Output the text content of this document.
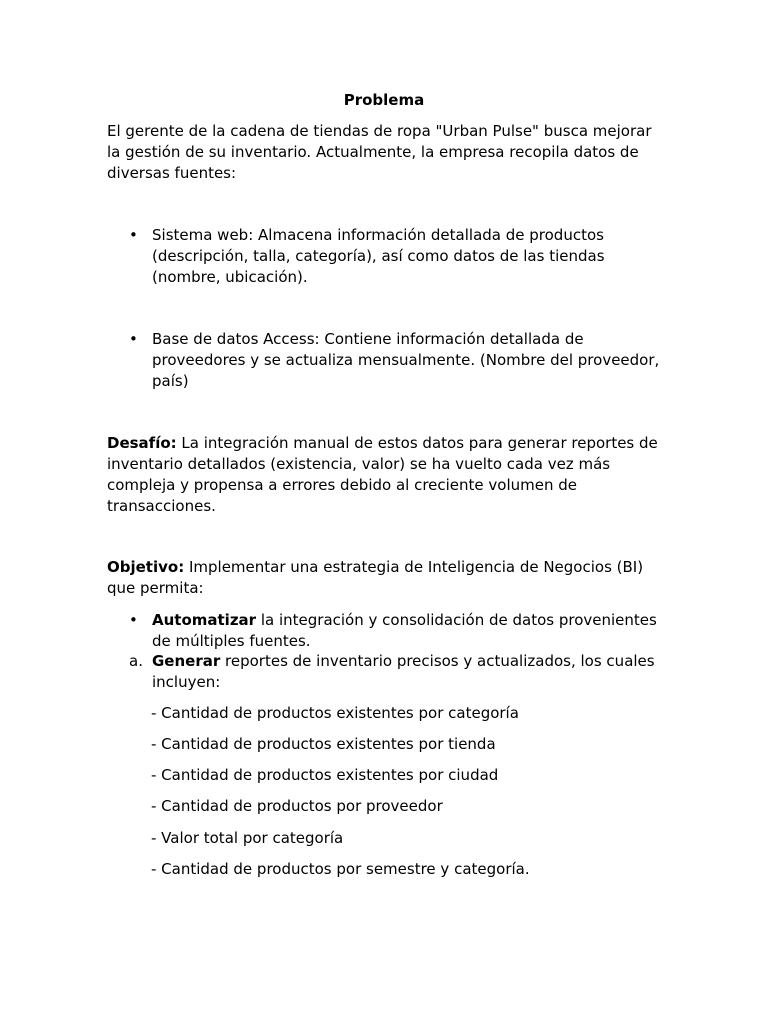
Problema
El gerente de la cadena de tiendas de ropa "Urban Pulse" busca mejorar la gestión de su inventario. Actualmente, la empresa recopila datos de diversas fuentes:
• Sistema web: Almacena información detallada de productos (descripción, talla, categoría), así como datos de las tiendas (nombre, ubicación).
• Base de datos Access: Contiene información detallada de proveedores y se actualiza mensualmente. (Nombre del proveedor, país)
Desafío: La integración manual de estos datos para generar reportes de inventario detallados (existencia, valor) se ha vuelto cada vez más compleja y propensa a errores debido al creciente volumen de transacciones.
Objetivo: Implementar una estrategia de Inteligencia de Negocios (BI) que permita:
• Automatizar la integración y consolidación de datos provenientes de múltiples fuentes.
a. Generar reportes de inventario precisos y actualizados, los cuales incluyen:
- Cantidad de productos existentes por categoría
- Cantidad de productos existentes por tienda
- Cantidad de productos existentes por ciudad
- Cantidad de productos por proveedor
- Valor total por categoría
- Cantidad de productos por semestre y categoría.
